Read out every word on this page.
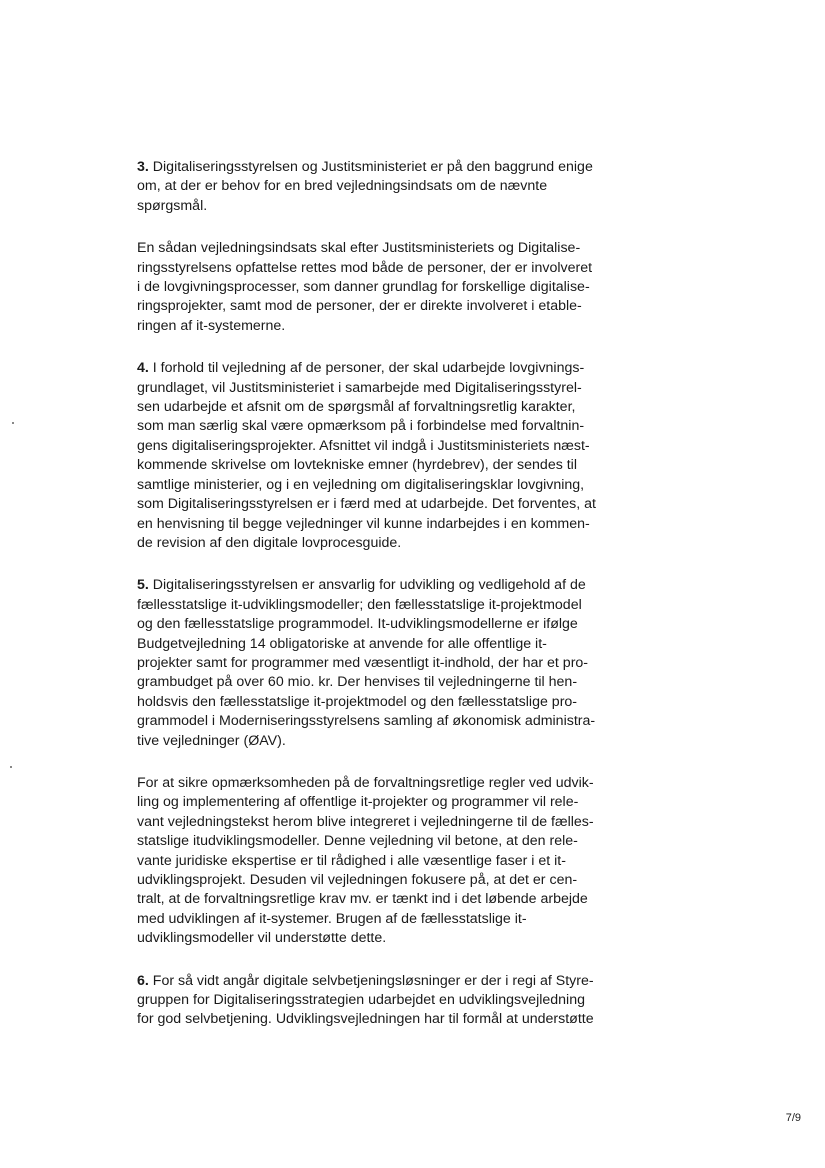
3. Digitaliseringsstyrelsen og Justitsministeriet er på den baggrund enige
om, at der er behov for en bred vejledningsindsats om de nævnte
spørgsmål.
En sådan vejledningsindsats skal efter Justitsministeriets og Digitalise-
ringsstyrelsens opfattelse rettes mod både de personer, der er involveret
i de lovgivningsprocesser, som danner grundlag for forskellige digitalise-
ringsprojekter, samt mod de personer, der er direkte involveret i etable-
ringen af it-systemerne.
4. I forhold til vejledning af de personer, der skal udarbejde lovgivnings-
grundlaget, vil Justitsministeriet i samarbejde med Digitaliseringsstyrel-
sen udarbejde et afsnit om de spørgsmål af forvaltningsretlig karakter,
som man særlig skal være opmærksom på i forbindelse med forvaltnin-
gens digitaliseringsprojekter. Afsnittet vil indgå i Justitsministeriets næst-
kommende skrivelse om lovtekniske emner (hyrdebrev), der sendes til
samtlige ministerier, og i en vejledning om digitaliseringsklar lovgivning,
som Digitaliseringsstyrelsen er i færd med at udarbejde. Det forventes, at
en henvisning til begge vejledninger vil kunne indarbejdes i en kommen-
de revision af den digitale lovprocesguide.
5. Digitaliseringsstyrelsen er ansvarlig for udvikling og vedligehold af de
fællesstatslige it-udviklingsmodeller; den fællesstatslige it-projektmodel
og den fællesstatslige programmodel. It-udviklingsmodellerne er ifølge
Budgetvejledning 14 obligatoriske at anvende for alle offentlige it-
projekter samt for programmer med væsentligt it-indhold, der har et pro-
grambudget på over 60 mio. kr. Der henvises til vejledningerne til hen-
holdsvis den fællesstatslige it-projektmodel og den fællesstatslige pro-
grammodel i Moderniseringsstyrelsens samling af økonomisk administra-
tive vejledninger (ØAV).
For at sikre opmærksomheden på de forvaltningsretlige regler ved udvik-
ling og implementering af offentlige it-projekter og programmer vil rele-
vant vejledningstekst herom blive integreret i vejledningerne til de fælles-
statslige itudviklingsmodeller. Denne vejledning vil betone, at den rele-
vante juridiske ekspertise er til rådighed i alle væsentlige faser i et it-
udviklingsprojekt. Desuden vil vejledningen fokusere på, at det er cen-
tralt, at de forvaltningsretlige krav mv. er tænkt ind i det løbende arbejde
med udviklingen af it-systemer. Brugen af de fællesstatslige it-
udviklingsmodeller vil understøtte dette.
6. For så vidt angår digitale selvbetjeningsløsninger er der i regi af Styre-
gruppen for Digitaliseringsstrategien udarbejdet en udviklingsvejledning
for god selvbetjening. Udviklingsvejledningen har til formål at understøtte
7/9
